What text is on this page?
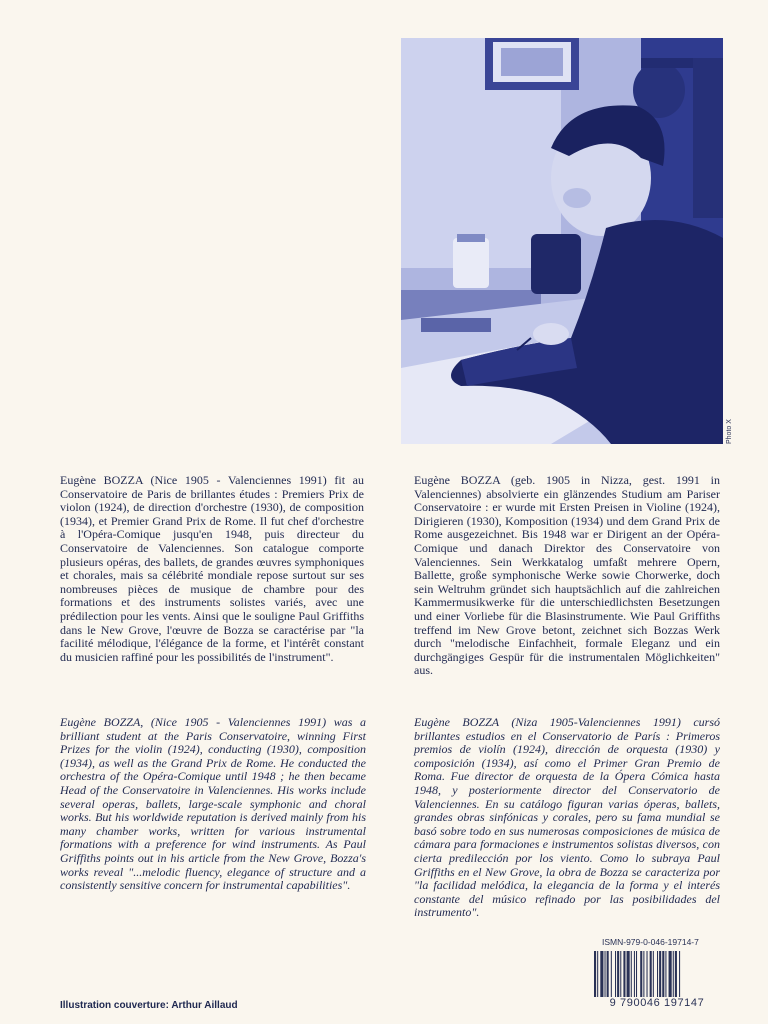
Photo X
Eugène BOZZA (Nice 1905 - Valenciennes 1991) fit au Conservatoire de Paris de brillantes études : Premiers Prix de violon (1924), de direction d'orchestre (1930), de composition (1934), et Premier Grand Prix de Rome. Il fut chef d'orchestre à l'Opéra-Comique jusqu'en 1948, puis directeur du Conservatoire de Valenciennes. Son catalogue comporte plusieurs opéras, des ballets, de grandes œuvres symphoniques et chorales, mais sa célébrité mondiale repose surtout sur ses nombreuses pièces de musique de chambre pour des formations et des instruments solistes variés, avec une prédilection pour les vents. Ainsi que le souligne Paul Griffiths dans le New Grove, l'œuvre de Bozza se caractérise par "la facilité mélodique, l'élégance de la forme, et l'intérêt constant du musicien raffiné pour les possibilités de l'instrument".
Eugène BOZZA (geb. 1905 in Nizza, gest. 1991 in Valenciennes) absolvierte ein glänzendes Studium am Pariser Conservatoire : er wurde mit Ersten Preisen in Violine (1924), Dirigieren (1930), Komposition (1934) und dem Grand Prix de Rome ausgezeichnet. Bis 1948 war er Dirigent an der Opéra-Comique und danach Direktor des Conservatoire von Valenciennes. Sein Werkkatalog umfaßt mehrere Opern, Ballette, große symphonische Werke sowie Chorwerke, doch sein Weltruhm gründet sich hauptsächlich auf die zahlreichen Kammermusikwerke für die unterschiedlichsten Besetzungen und einer Vorliebe für die Blasinstrumente. Wie Paul Griffiths treffend im New Grove betont, zeichnet sich Bozzas Werk durch "melodische Einfachheit, formale Eleganz und ein durchgängiges Gespür für die instrumentalen Möglichkeiten" aus.
Eugène BOZZA, (Nice 1905 - Valenciennes 1991) was a brilliant student at the Paris Conservatoire, winning First Prizes for the violin (1924), conducting (1930), composition (1934), as well as the Grand Prix de Rome. He conducted the orchestra of the Opéra-Comique until 1948 ; he then became Head of the Conservatoire in Valenciennes. His works include several operas, ballets, large-scale symphonic and choral works. But his worldwide reputation is derived mainly from his many chamber works, written for various instrumental formations with a preference for wind instruments. As Paul Griffiths points out in his article from the New Grove, Bozza's works reveal "...melodic fluency, elegance of structure and a consistently sensitive concern for instrumental capabilities".
Eugène BOZZA (Niza 1905-Valenciennes 1991) cursó brillantes estudios en el Conservatorio de París : Primeros premios de violín (1924), dirección de orquesta (1930) y composición (1934), así como el Primer Gran Premio de Roma. Fue director de orquesta de la Ópera Cómica hasta 1948, y posteriormente director del Conservatorio de Valenciennes. En su catálogo figuran varias óperas, ballets, grandes obras sinfónicas y corales, pero su fama mundial se basó sobre todo en sus numerosas composiciones de música de cámara para formaciones e instrumentos solistas diversos, con cierta predilección por los viento. Como lo subraya Paul Griffiths en el New Grove, la obra de Bozza se caracteriza por "la facilidad melódica, la elegancia de la forma y el interés constante del músico refinado por las posibilidades del instrumento".
ISMN-979-0-046-19714-7
9 790046 197147
Illustration couverture: Arthur Aillaud
